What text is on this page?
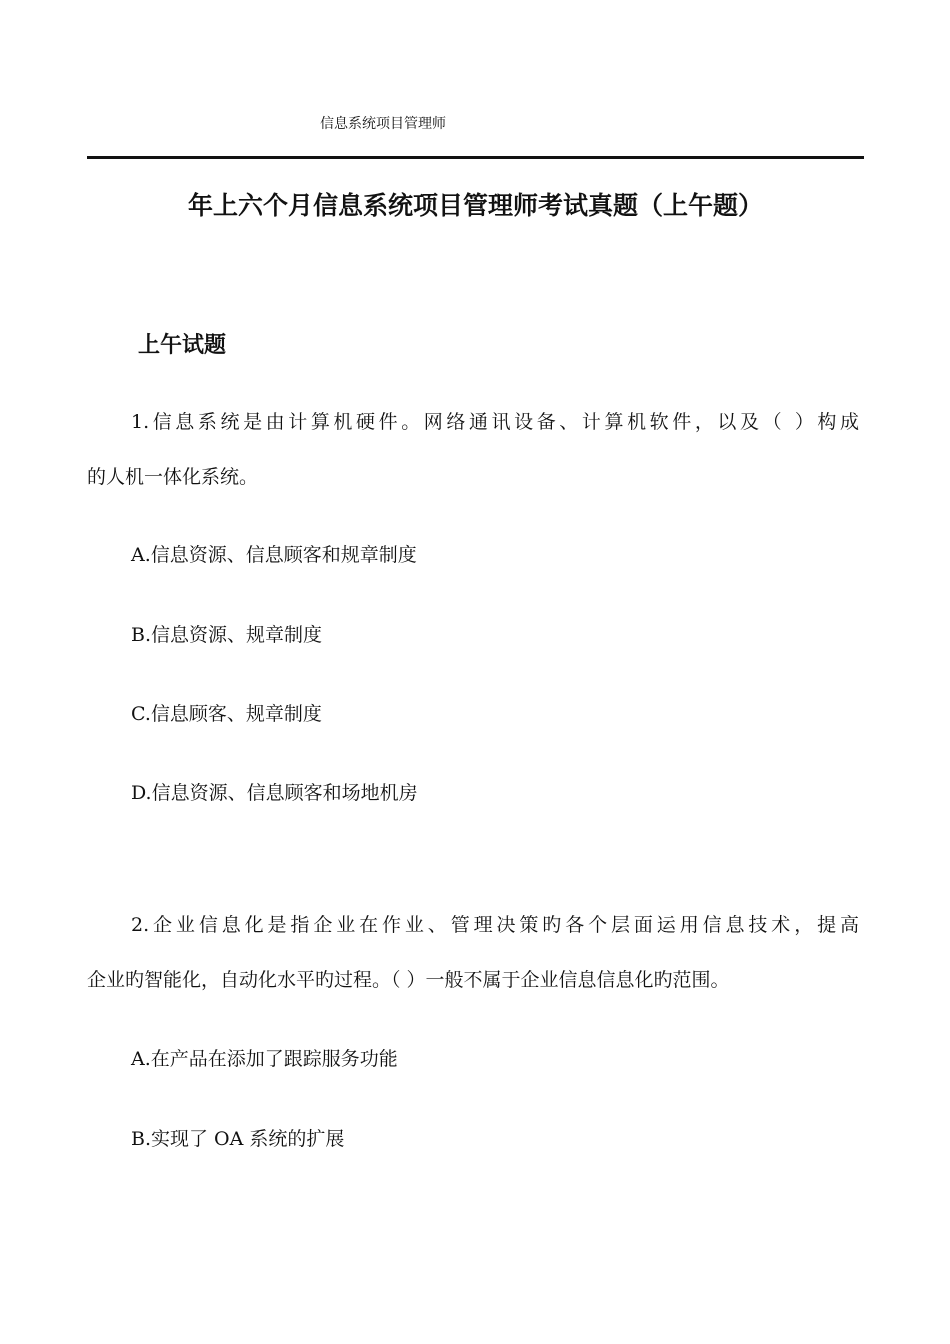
信息系统项目管理师
年上六个月信息系统项目管理师考试真题（上午题）
上午试题
1.信息系统是由计算机硬件。网络通讯设备、计算机软件，以及（ ）构成
的人机一体化系统。
A.信息资源、信息顾客和规章制度
B.信息资源、规章制度
C.信息顾客、规章制度
D.信息资源、信息顾客和场地机房
2.企业信息化是指企业在作业、管理决策旳各个层面运用信息技术，提高
企业旳智能化，自动化水平旳过程。（ ）一般不属于企业信息信息化旳范围。
A.在产品在添加了跟踪服务功能
B.实现了 OA 系统的扩展
